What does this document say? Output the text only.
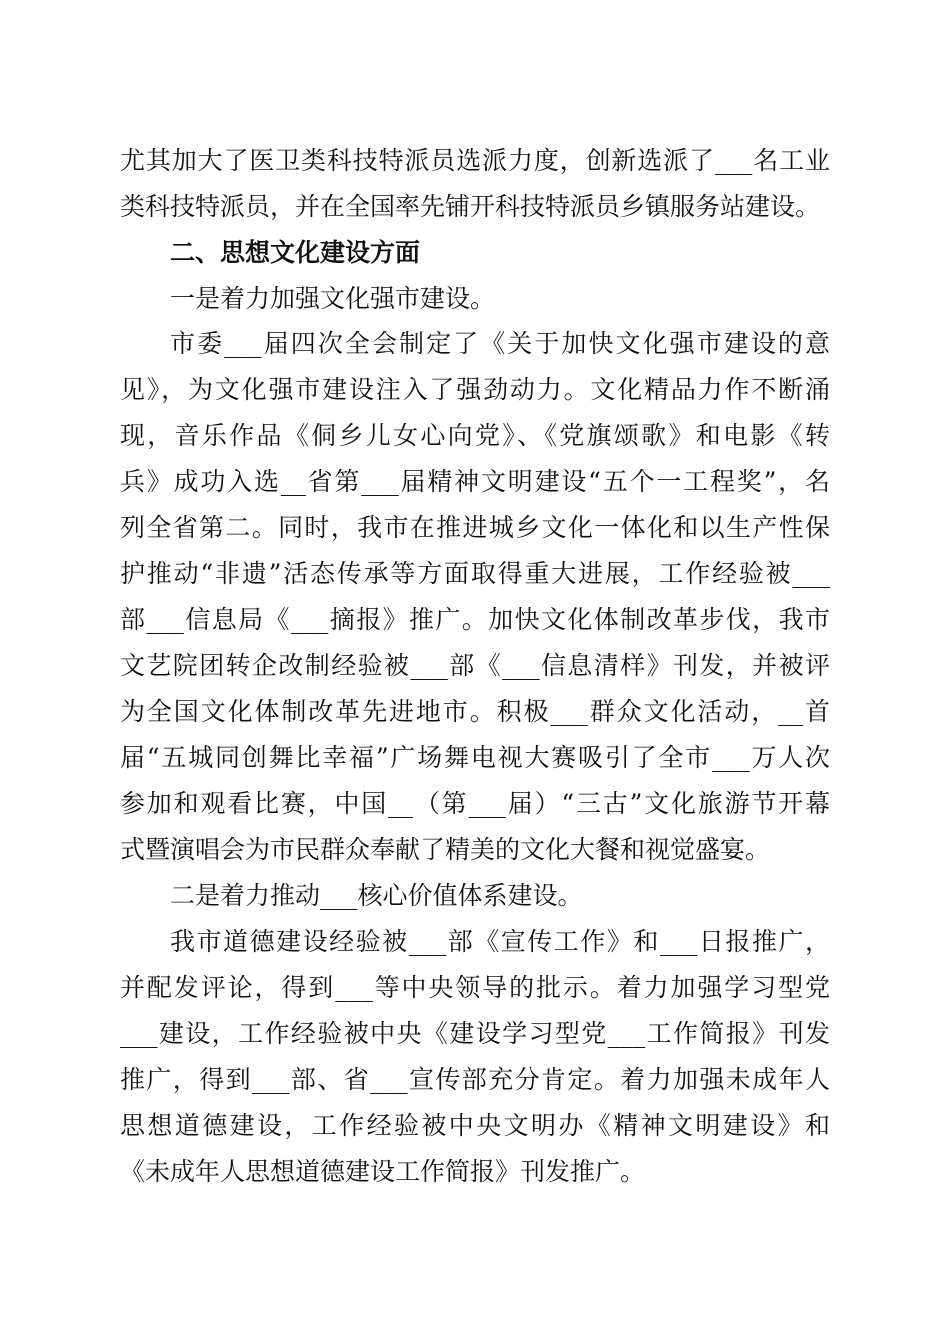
尤其加大了医卫类科技特派员选派力度，创新选派了___名工业
类科技特派员，并在全国率先铺开科技特派员乡镇服务站建设。
二、思想文化建设方面
一是着力加强文化强市建设。
市委___届四次全会制定了《关于加快文化强市建设的意
见》，为文化强市建设注入了强劲动力。文化精品力作不断涌
现，音乐作品《侗乡儿女心向党》、《党旗颂歌》和电影《转
兵》成功入选__省第___届精神文明建设“五个一工程奖”，名
列全省第二。同时，我市在推进城乡文化一体化和以生产性保
护推动“非遗”活态传承等方面取得重大进展，工作经验被___
部___信息局《___摘报》推广。加快文化体制改革步伐，我市
文艺院团转企改制经验被___部《___信息清样》刊发，并被评
为全国文化体制改革先进地市。积极___群众文化活动，__首
届“五城同创舞比幸福”广场舞电视大赛吸引了全市___万人次
参加和观看比赛，中国__（第___届）“三古”文化旅游节开幕
式暨演唱会为市民群众奉献了精美的文化大餐和视觉盛宴。
二是着力推动___核心价值体系建设。
我市道德建设经验被___部《宣传工作》和___日报推广，
并配发评论，得到___等中央领导的批示。着力加强学习型党
___建设，工作经验被中央《建设学习型党___工作简报》刊发
推广，得到___部、省___宣传部充分肯定。着力加强未成年人
思想道德建设，工作经验被中央文明办《精神文明建设》和
《未成年人思想道德建设工作简报》刊发推广。
